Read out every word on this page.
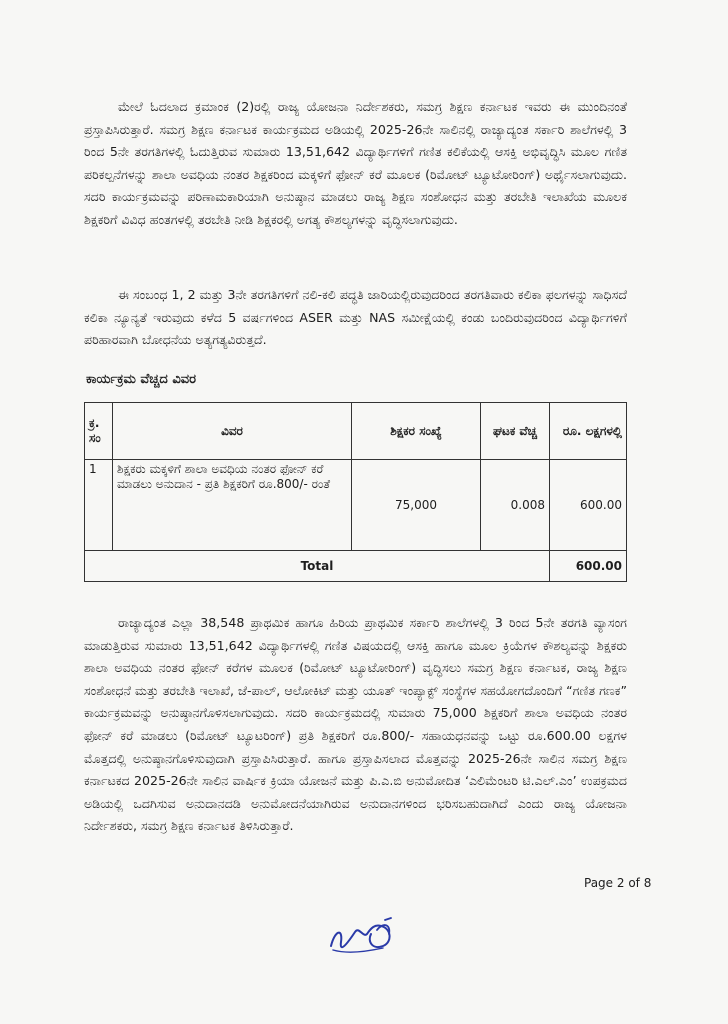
ಮೇಲೆ ಓದಲಾದ ಕ್ರಮಾಂಕ (2)ರಲ್ಲಿ ರಾಜ್ಯ ಯೋಜನಾ ನಿರ್ದೇಶಕರು, ಸಮಗ್ರ ಶಿಕ್ಷಣ ಕರ್ನಾಟಕ ಇವರು ಈ ಮುಂದಿನಂತೆ ಪ್ರಸ್ತಾಪಿಸಿರುತ್ತಾರೆ. ಸಮಗ್ರ ಶಿಕ್ಷಣ ಕರ್ನಾಟಕ ಕಾರ್ಯಕ್ರಮದ ಅಡಿಯಲ್ಲಿ 2025-26ನೇ ಸಾಲಿನಲ್ಲಿ ರಾಜ್ಯಾದ್ಯಂತ ಸರ್ಕಾರಿ ಶಾಲೆಗಳಲ್ಲಿ 3 ರಿಂದ 5ನೇ ತರಗತಿಗಳಲ್ಲಿ ಓದುತ್ತಿರುವ ಸುಮಾರು 13,51,642 ವಿದ್ಯಾರ್ಥಿಗಳಿಗೆ ಗಣಿತ ಕಲಿಕೆಯಲ್ಲಿ ಆಸಕ್ತಿ ಅಭಿವೃದ್ಧಿಸಿ ಮೂಲ ಗಣಿತ ಪರಿಕಲ್ಪನೆಗಳನ್ನು ಶಾಲಾ ಅವಧಿಯ ನಂತರ ಶಿಕ್ಷಕರಿಂದ ಮಕ್ಕಳಿಗೆ ಫೋನ್ ಕರೆ ಮೂಲಕ (ರಿಮೋಟ್ ಟ್ಯೂಟೋರಿಂಗ್) ಅರ್ಥೈಸಲಾಗುವುದು. ಸದರಿ ಕಾರ್ಯಕ್ರಮವನ್ನು ಪರಿಣಾಮಕಾರಿಯಾಗಿ ಅನುಷ್ಠಾನ ಮಾಡಲು ರಾಜ್ಯ ಶಿಕ್ಷಣ ಸಂಶೋಧನ ಮತ್ತು ತರಬೇತಿ ಇಲಾಖೆಯ ಮೂಲಕ ಶಿಕ್ಷಕರಿಗೆ ವಿವಿಧ ಹಂತಗಳಲ್ಲಿ ತರಬೇತಿ ನೀಡಿ ಶಿಕ್ಷಕರಲ್ಲಿ ಅಗತ್ಯ ಕೌಶಲ್ಯಗಳನ್ನು ವೃದ್ಧಿಸಲಾಗುವುದು.

ಈ ಸಂಬಂಧ 1, 2 ಮತ್ತು 3ನೇ ತರಗತಿಗಳಿಗೆ ನಲಿ-ಕಲಿ ಪದ್ಧತಿ ಜಾರಿಯಲ್ಲಿರುವುದರಿಂದ ತರಗತಿವಾರು ಕಲಿಕಾ ಫಲಗಳನ್ನು ಸಾಧಿಸದೆ ಕಲಿಕಾ ನ್ಯೂನ್ಯತೆ ಇರುವುದು ಕಳೆದ 5 ವರ್ಷಗಳಿಂದ ASER ಮತ್ತು NAS ಸಮೀಕ್ಷೆಯಲ್ಲಿ ಕಂಡು ಬಂದಿರುವುದರಿಂದ ವಿದ್ಯಾರ್ಥಿಗಳಿಗೆ ಪರಿಹಾರವಾಗಿ ಬೋಧನೆಯ ಅತ್ಯಗತ್ಯವಿರುತ್ತದೆ.

ಕಾರ್ಯಕ್ರಮ ವೆಚ್ಚದ ವಿವರ
ಕ್ರ. ಸಂ	ವಿವರ	ಶಿಕ್ಷಕರ ಸಂಖ್ಯೆ	ಘಟಕ ವೆಚ್ಚ	ರೂ. ಲಕ್ಷಗಳಲ್ಲಿ
1	ಶಿಕ್ಷಕರು ಮಕ್ಕಳಿಗೆ ಶಾಲಾ ಅವಧಿಯ ನಂತರ ಫೋನ್ ಕರೆ ಮಾಡಲು ಅನುದಾನ - ಪ್ರತಿ ಶಿಕ್ಷಕರಿಗೆ ರೂ.800/- ರಂತೆ	75,000	0.008	600.00
Total				600.00

ರಾಜ್ಯಾದ್ಯಂತ ಎಲ್ಲಾ 38,548 ಪ್ರಾಥಮಿಕ ಹಾಗೂ ಹಿರಿಯ ಪ್ರಾಥಮಿಕ ಸರ್ಕಾರಿ ಶಾಲೆಗಳಲ್ಲಿ 3 ರಿಂದ 5ನೇ ತರಗತಿ ವ್ಯಾಸಂಗ ಮಾಡುತ್ತಿರುವ ಸುಮಾರು 13,51,642 ವಿದ್ಯಾರ್ಥಿಗಳಲ್ಲಿ ಗಣಿತ ವಿಷಯದಲ್ಲಿ ಆಸಕ್ತಿ ಹಾಗೂ ಮೂಲ ಕ್ರಿಯೆಗಳ ಕೌಶಲ್ಯವನ್ನು ಶಿಕ್ಷಕರು ಶಾಲಾ ಅವಧಿಯ ನಂತರ ಫೋನ್ ಕರೆಗಳ ಮೂಲಕ (ರಿಮೋಟ್ ಟ್ಯೂಟೋರಿಂಗ್) ವೃದ್ಧಿಸಲು ಸಮಗ್ರ ಶಿಕ್ಷಣ ಕರ್ನಾಟಕ, ರಾಜ್ಯ ಶಿಕ್ಷಣ ಸಂಶೋಧನೆ ಮತ್ತು ತರಬೇತಿ ಇಲಾಖೆ, ಜೆ-ಪಾಲ್, ಆಲೋಕಿಟ್ ಮತ್ತು ಯೂತ್ ಇಂಪ್ಯಾಕ್ಟ್ ಸಂಸ್ಥೆಗಳ ಸಹಯೋಗದೊಂದಿಗೆ “ಗಣಿತ ಗಣಕ” ಕಾರ್ಯಕ್ರಮವನ್ನು ಅನುಷ್ಠಾನಗೊಳಿಸಲಾಗುವುದು. ಸದರಿ ಕಾರ್ಯಕ್ರಮದಲ್ಲಿ ಸುಮಾರು 75,000 ಶಿಕ್ಷಕರಿಗೆ ಶಾಲಾ ಅವಧಿಯ ನಂತರ ಫೋನ್ ಕರೆ ಮಾಡಲು (ರಿಮೋಟ್ ಟ್ಯೂಟರಿಂಗ್) ಪ್ರತಿ ಶಿಕ್ಷಕರಿಗೆ ರೂ.800/- ಸಹಾಯಧನವನ್ನು ಒಟ್ಟು ರೂ.600.00 ಲಕ್ಷಗಳ ಮೊತ್ತದಲ್ಲಿ ಅನುಷ್ಠಾನಗೊಳಿಸುವುದಾಗಿ ಪ್ರಸ್ತಾಪಿಸಿರುತ್ತಾರೆ. ಹಾಗೂ ಪ್ರಸ್ತಾಪಿಸಲಾದ ಮೊತ್ತವನ್ನು 2025-26ನೇ ಸಾಲಿನ ಸಮಗ್ರ ಶಿಕ್ಷಣ ಕರ್ನಾಟಕದ 2025-26ನೇ ಸಾಲಿನ ವಾರ್ಷಿಕ ಕ್ರಿಯಾ ಯೋಜನೆ ಮತ್ತು ಪಿ.ಎ.ಬಿ ಅನುಮೋದಿತ ‘ಎಲಿಮೆಂಟರಿ ಟಿ.ಎಲ್.ಎಂ’ ಉಪಕ್ರಮದ ಅಡಿಯಲ್ಲಿ ಒದಗಿಸುವ ಅನುದಾನದಡಿ ಅನುಮೋದನೆಯಾಗಿರುವ ಅನುದಾನಗಳಿಂದ ಭರಿಸಬಹುದಾಗಿದೆ ಎಂದು ರಾಜ್ಯ ಯೋಜನಾ ನಿರ್ದೇಶಕರು, ಸಮಗ್ರ ಶಿಕ್ಷಣ ಕರ್ನಾಟಕ ತಿಳಿಸಿರುತ್ತಾರೆ.

Page 2 of 8
